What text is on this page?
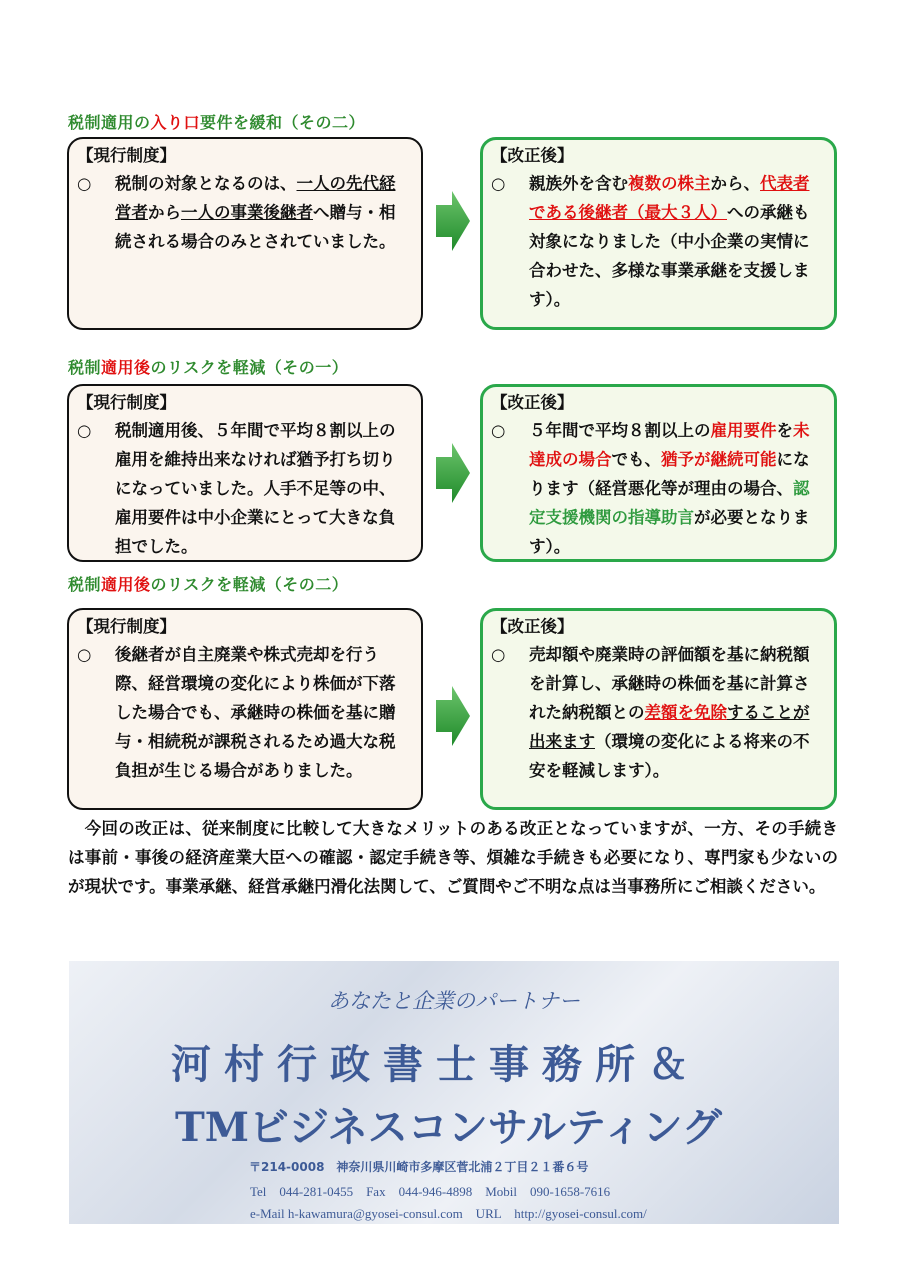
税制適用の入り口要件を緩和（その二）
【現行制度】
○	税制の対象となるのは、一人の先代経営者から一人の事業後継者へ贈与・相続される場合のみとされていました。
【改正後】
○	親族外を含む複数の株主から、代表者である後継者（最大３人）への承継も対象になりました（中小企業の実情に合わせた、多様な事業承継を支援します）。
税制適用後のリスクを軽減（その一）
【現行制度】
○	税制適用後、５年間で平均８割以上の雇用を維持出来なければ猶予打ち切りになっていました。人手不足等の中、雇用要件は中小企業にとって大きな負担でした。
【改正後】
○	５年間で平均８割以上の雇用要件を未達成の場合でも、猶予が継続可能になります（経営悪化等が理由の場合、認定支援機関の指導助言が必要となります）。
税制適用後のリスクを軽減（その二）
【現行制度】
○	後継者が自主廃業や株式売却を行う際、経営環境の変化により株価が下落した場合でも、承継時の株価を基に贈与・相続税が課税されるため過大な税負担が生じる場合がありました。
【改正後】
○	売却額や廃業時の評価額を基に納税額を計算し、承継時の株価を基に計算された納税額との差額を免除することが出来ます（環境の変化による将来の不安を軽減します）。
　今回の改正は、従来制度に比較して大きなメリットのある改正となっていますが、一方、その手続きは事前・事後の経済産業大臣への確認・認定手続き等、煩雑な手続きも必要になり、専門家も少ないのが現状です。事業承継、経営承継円滑化法関して、ご質問やご不明な点は当事務所にご相談ください。
あなたと企業のパートナー
河村行政書士事務所＆
TMビジネスコンサルティング
〒214-0008　神奈川県川崎市多摩区菅北浦２丁目２１番６号
Tel　044-281-0455　Fax　044-946-4898　Mobil　090-1658-7616
e-Mail h-kawamura@gyosei-consul.com　URL　http://gyosei-consul.com/
